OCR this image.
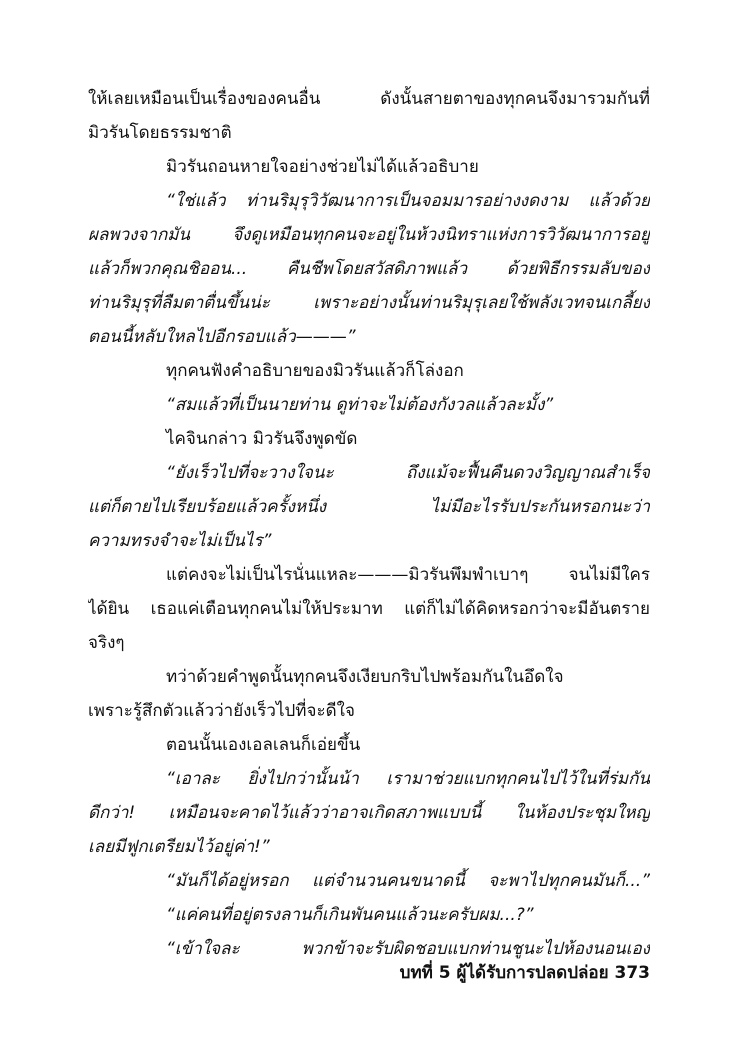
ให้เลยเหมือนเป็นเรื่องของคนอื่น ดังนั้นสายตาของทุกคนจึงมารวมกันที่
มิวรันโดยธรรมชาติ
มิวรันถอนหายใจอย่างช่วยไม่ได้แล้วอธิบาย
“ใช่แล้ว ท่านริมุรุวิวัฒนาการเป็นจอมมารอย่างงดงาม แล้วด้วย
ผลพวงจากมัน จึงดูเหมือนทุกคนจะอยู่ในห้วงนิทราแห่งการวิวัฒนาการอยู่
แล้วก็พวกคุณชิออน... คืนชีพโดยสวัสดิภาพแล้ว ด้วยพิธีกรรมลับของ
ท่านริมุรุที่ลืมตาตื่นขึ้นน่ะ เพราะอย่างนั้นท่านริมุรุเลยใช้พลังเวทจนเกลี้ยง
ตอนนี้หลับใหลไปอีกรอบแล้ว———”
ทุกคนฟังคำอธิบายของมิวรันแล้วก็โล่งอก
“สมแล้วที่เป็นนายท่าน ดูท่าจะไม่ต้องกังวลแล้วละมั้ง”
ไคจินกล่าว มิวรันจึงพูดขัด
“ยังเร็วไปที่จะวางใจนะ ถึงแม้จะฟื้นคืนดวงวิญญาณสำเร็จ
แต่ก็ตายไปเรียบร้อยแล้วครั้งหนึ่ง ไม่มีอะไรรับประกันหรอกนะว่า
ความทรงจำจะไม่เป็นไร”
แต่คงจะไม่เป็นไรนั่นแหละ———มิวรันพึมพำเบาๆ จนไม่มีใคร
ได้ยิน เธอแค่เตือนทุกคนไม่ให้ประมาท แต่ก็ไม่ได้คิดหรอกว่าจะมีอันตราย
จริงๆ
ทว่าด้วยคำพูดนั้นทุกคนจึงเงียบกริบไปพร้อมกันในอึดใจ
เพราะรู้สึกตัวแล้วว่ายังเร็วไปที่จะดีใจ
ตอนนั้นเองเอลเลนก็เอ่ยขึ้น
“เอาละ ยิ่งไปกว่านั้นน้า เรามาช่วยแบกทุกคนไปไว้ในที่ร่มกัน
ดีกว่า! เหมือนจะคาดไว้แล้วว่าอาจเกิดสภาพแบบนี้ ในห้องประชุมใหญ่
เลยมีฟูกเตรียมไว้อยู่ค่า!”
“มันก็ได้อยู่หรอก แต่จำนวนคนขนาดนี้ จะพาไปทุกคนมันก็...”
“แค่คนที่อยู่ตรงลานก็เกินพันคนแล้วนะครับผม...?”
“เข้าใจละ พวกข้าจะรับผิดชอบแบกท่านชูนะไปห้องนอนเอง
บทที่ 5 ผู้ได้รับการปลดปล่อย 373
